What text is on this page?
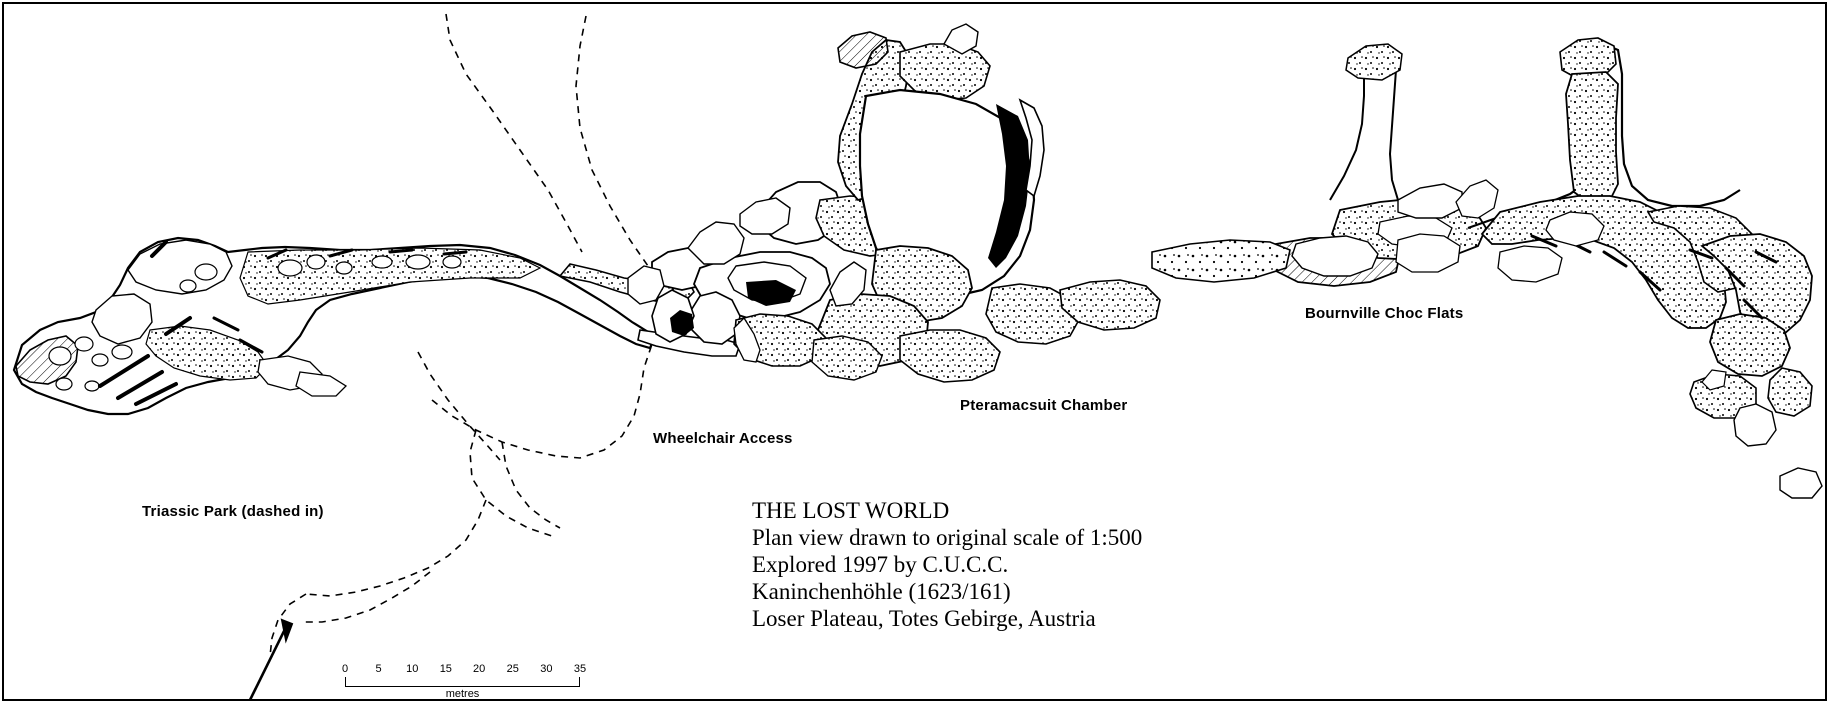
Triassic Park (dashed in)
Wheelchair Access
Pteramacsuit Chamber
Bournville Choc Flats
THE LOST WORLD
Plan view drawn to original scale of 1:500
Explored 1997 by C.U.C.C.
Kaninchenhöhle (1623/161)
Loser Plateau, Totes Gebirge, Austria
0 5 10 15 20 25 30 35
metres
